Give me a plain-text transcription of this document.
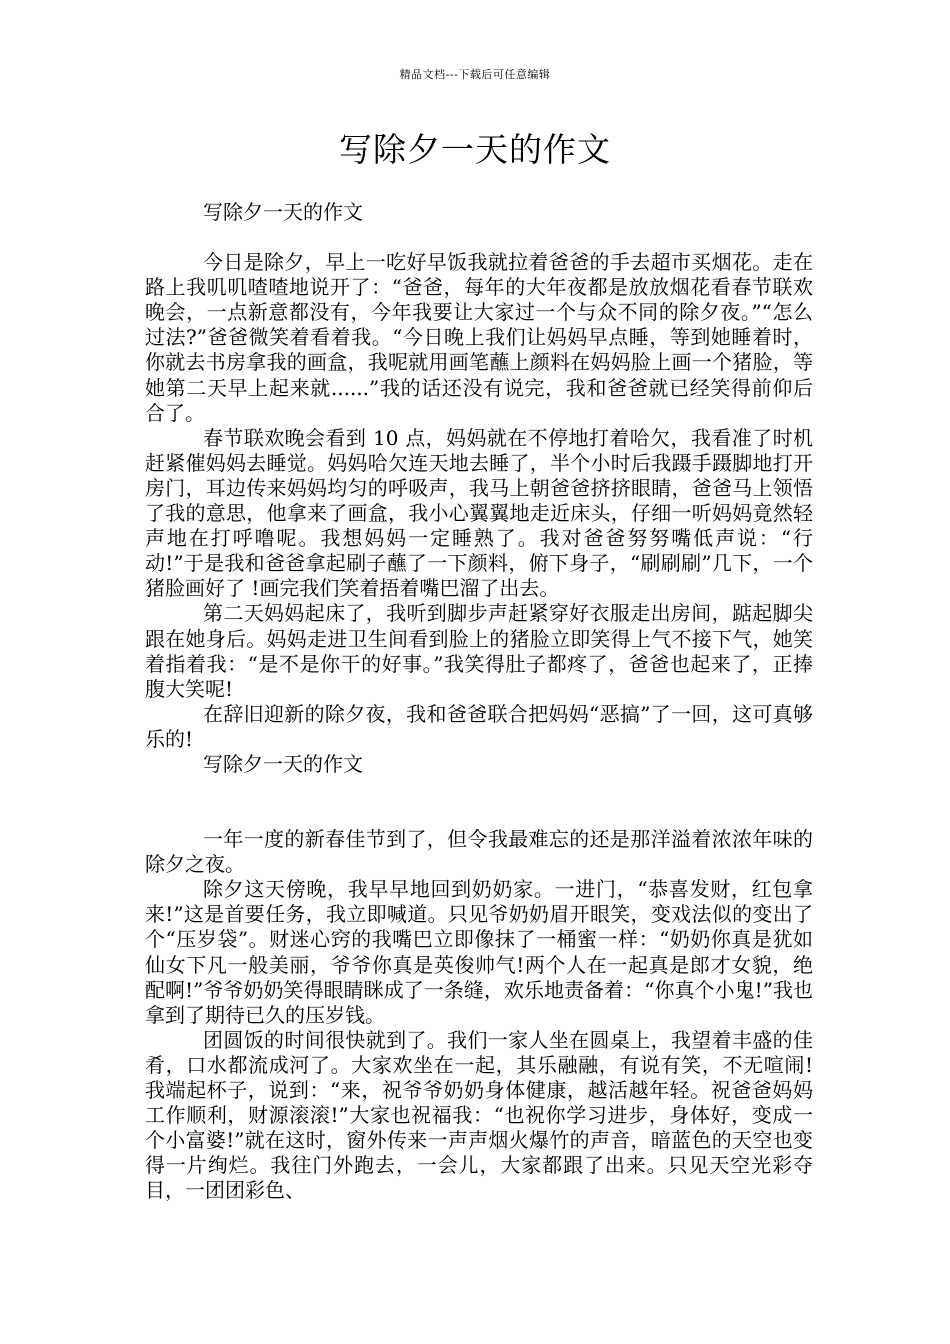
精品文档---下载后可任意编辑
写除夕一天的作文

写除夕一天的作文

今日是除夕，早上一吃好早饭我就拉着爸爸的手去超市买烟花。走在路上我叽叽喳喳地说开了：“爸爸，每年的大年夜都是放放烟花看春节联欢晚会，一点新意都没有，今年我要让大家过一个与众不同的除夕夜。”“怎么过法?”爸爸微笑着看着我。“今日晚上我们让妈妈早点睡，等到她睡着时，你就去书房拿我的画盒，我呢就用画笔蘸上颜料在妈妈脸上画一个猪脸，等她第二天早上起来就......”我的话还没有说完，我和爸爸就已经笑得前仰后合了。

春节联欢晚会看到 10 点，妈妈就在不停地打着哈欠，我看准了时机赶紧催妈妈去睡觉。妈妈哈欠连天地去睡了，半个小时后我蹑手蹑脚地打开房门，耳边传来妈妈均匀的呼吸声，我马上朝爸爸挤挤眼睛，爸爸马上领悟了我的意思，他拿来了画盒，我小心翼翼地走近床头，仔细一听妈妈竟然轻声地在打呼噜呢。我想妈妈一定睡熟了。我对爸爸努努嘴低声说：“行动!”于是我和爸爸拿起刷子蘸了一下颜料，俯下身子，“刷刷刷”几下，一个猪脸画好了 !画完我们笑着捂着嘴巴溜了出去。

第二天妈妈起床了，我听到脚步声赶紧穿好衣服走出房间，踮起脚尖跟在她身后。妈妈走进卫生间看到脸上的猪脸立即笑得上气不接下气，她笑着指着我：“是不是你干的好事。”我笑得肚子都疼了，爸爸也起来了，正捧腹大笑呢!

在辞旧迎新的除夕夜，我和爸爸联合把妈妈“恶搞”了一回，这可真够乐的!

写除夕一天的作文

一年一度的新春佳节到了，但令我最难忘的还是那洋溢着浓浓年味的除夕之夜。

除夕这天傍晚，我早早地回到奶奶家。一进门，“恭喜发财，红包拿来!”这是首要任务，我立即喊道。只见爷奶奶眉开眼笑，变戏法似的变出了个“压岁袋”。财迷心窍的我嘴巴立即像抹了一桶蜜一样：“奶奶你真是犹如仙女下凡一般美丽，爷爷你真是英俊帅气!两个人在一起真是郎才女貌，绝配啊!”爷爷奶奶笑得眼睛眯成了一条缝，欢乐地责备着：“你真个小鬼!”我也拿到了期待已久的压岁钱。

团圆饭的时间很快就到了。我们一家人坐在圆桌上，我望着丰盛的佳肴，口水都流成河了。大家欢坐在一起，其乐融融，有说有笑，不无喧闹!我端起杯子，说到：“来，祝爷爷奶奶身体健康，越活越年轻。祝爸爸妈妈工作顺利，财源滚滚!”大家也祝福我：“也祝你学习进步，身体好，变成一个小富婆!”就在这时，窗外传来一声声烟火爆竹的声音，暗蓝色的天空也变得一片绚烂。我往门外跑去，一会儿，大家都跟了出来。只见天空光彩夺目，一团团彩色、
